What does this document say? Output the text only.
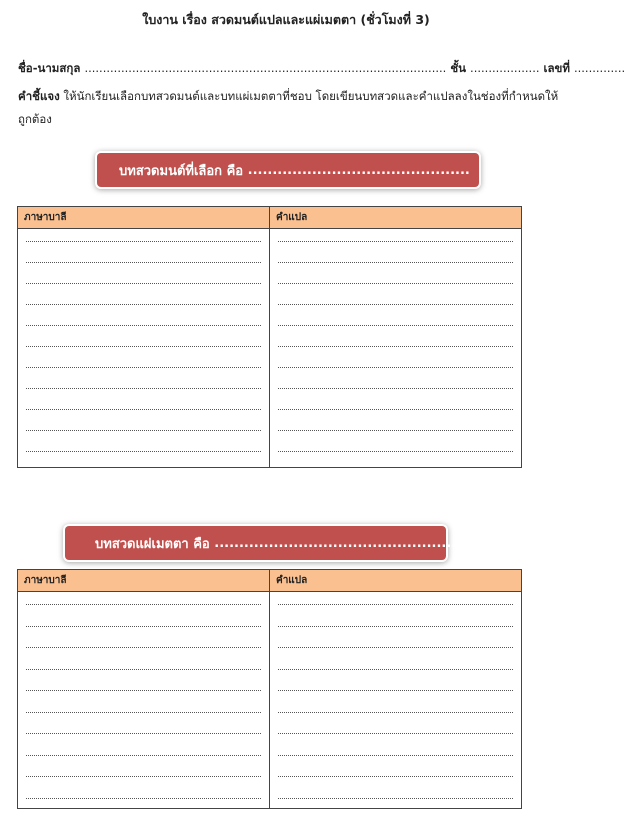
ใบงาน เรื่อง สวดมนต์แปลและแผ่เมตตา (ชั่วโมงที่ 3)
ชื่อ-นามสกุล ................................................................................................... ชั้น ................... เลขที่ ..............
คำชี้แจง ให้นักเรียนเลือกบทสวดมนต์และบทแผ่เมตตาที่ชอบ โดยเขียนบทสวดและคำแปลลงในช่องที่กำหนดให้ถูกต้อง
บทสวดมนต์ที่เลือก คือ
.............................................
ภาษาบาลี	คำแปล
บทสวดแผ่เมตตา คือ
.........................................................
ภาษาบาลี	คำแปล
